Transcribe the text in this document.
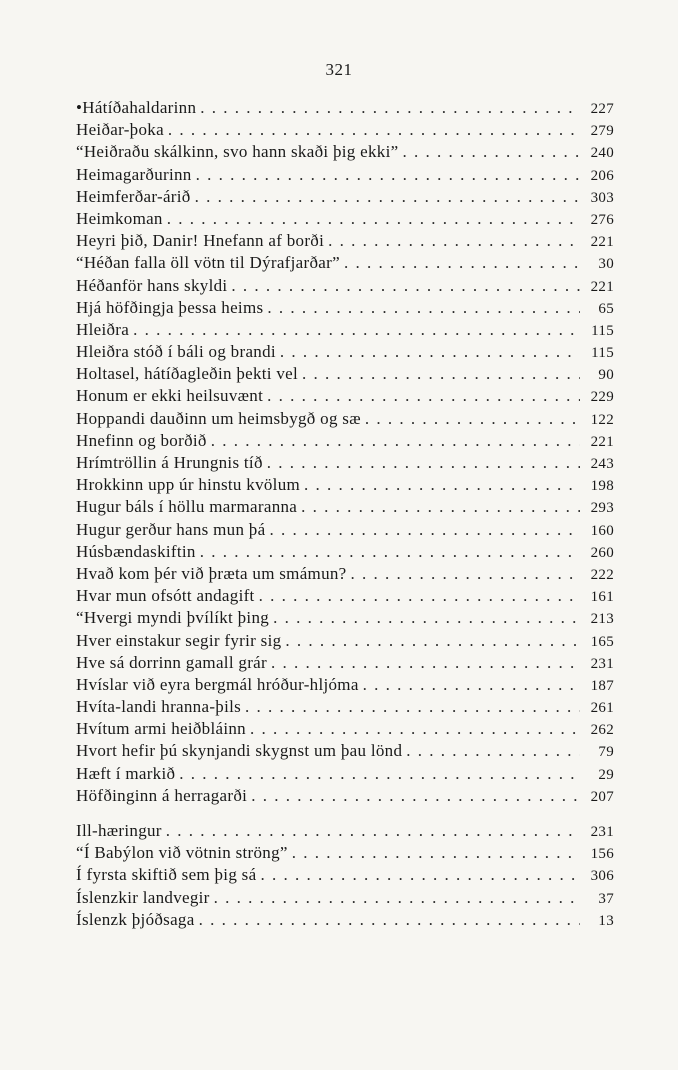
321
•Hátíðahaldarinn . . .	227
Heiðar-þoka . . .	279
“Heiðraðu skálkinn, svo hann skaði þig ekki” . . .	240
Heimagarðurinn . . .	206
Heimferðar-árið . . .	303
Heimkoman . . .	276
Heyri þið, Danir! Hnefann af borði . . .	221
“Héðan falla öll vötn til Dýrafjarðar” . . .	30
Héðanför hans skyldi . . .	221
Hjá höfðingja þessa heims . . .	65
Hleiðra . . .	115
Hleiðra stóð í báli og brandi . . .	115
Holtasel, hátíðagleðin þekti vel . . .	90
Honum er ekki heilsuvænt . . .	229
Hoppandi dauðinn um heimsbygð og sæ . . .	122
Hnefinn og borðið . . .	221
Hrímtröllin á Hrungnis tíð . . .	243
Hrokkinn upp úr hinstu kvölum . . .	198
Hugur báls í höllu marmaranna . . .	293
Hugur gerður hans mun þá . . .	160
Húsbændaskiftin . . .	260
Hvað kom þér við þræta um smámun? . . .	222
Hvar mun ofsótt andagift . . .	161
“Hvergi myndi þvílíkt þing . . .	213
Hver einstakur segir fyrir sig . . .	165
Hve sá dorrinn gamall grár . . .	231
Hvíslar við eyra bergmál hróður-hljóma . . .	187
Hvíta-landi hranna-þils . . .	261
Hvítum armi heiðbláinn . . .	262
Hvort hefir þú skynjandi skygnst um þau lönd . . .	79
Hæft í markið . . .	29
Höfðinginn á herragarði . . .	207
Ill-hæringur . . .	231
“Í Babýlon við vötnin ströng” . . .	156
Í fyrsta skiftið sem þig sá . . .	306
Íslenzkir landvegir . . .	37
Íslenzk þjóðsaga . . .	13
